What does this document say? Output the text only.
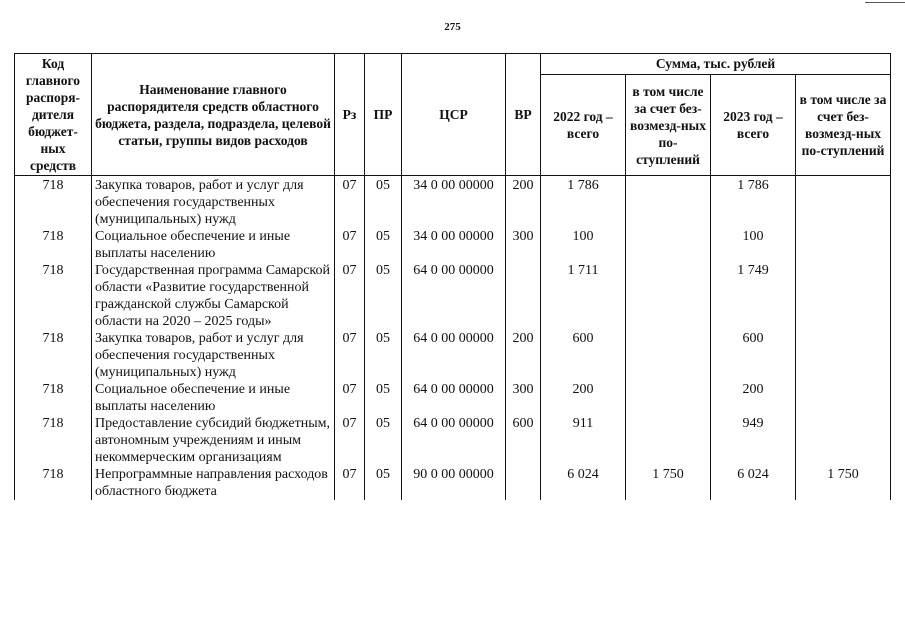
275
Код главного распоря-дителя бюджет-ных средств	Наименование главного распорядителя средств областного бюджета, раздела, подраздела, целевой статьи, группы видов расходов	Рз	ПР	ЦСР	ВР	Сумма, тыс. рублей			
						2022 год – всего	в том числе за счет без-возмезд-ных по-ступлений	2023 год – всего	в том числе за счет без-возмезд-ных по-ступлений
718	Закупка товаров, работ и услуг для обеспечения государственных (муниципальных) нужд	07	05	34 0 00 00000	200	1 786		1 786	
718	Социальное обеспечение и иные выплаты населению	07	05	34 0 00 00000	300	100		100	
718	Государственная программа Самарской области «Развитие государственной гражданской службы Самарской области на 2020 – 2025 годы»	07	05	64 0 00 00000		1 711		1 749	
718	Закупка товаров, работ и услуг для обеспечения государственных (муниципальных) нужд	07	05	64 0 00 00000	200	600		600	
718	Социальное обеспечение и иные выплаты населению	07	05	64 0 00 00000	300	200		200	
718	Предоставление субсидий бюджетным, автономным учреждениям и иным некоммерческим организациям	07	05	64 0 00 00000	600	911		949	
718	Непрограммные направления расходов областного бюджета	07	05	90 0 00 00000		6 024	1 750	6 024	1 750
